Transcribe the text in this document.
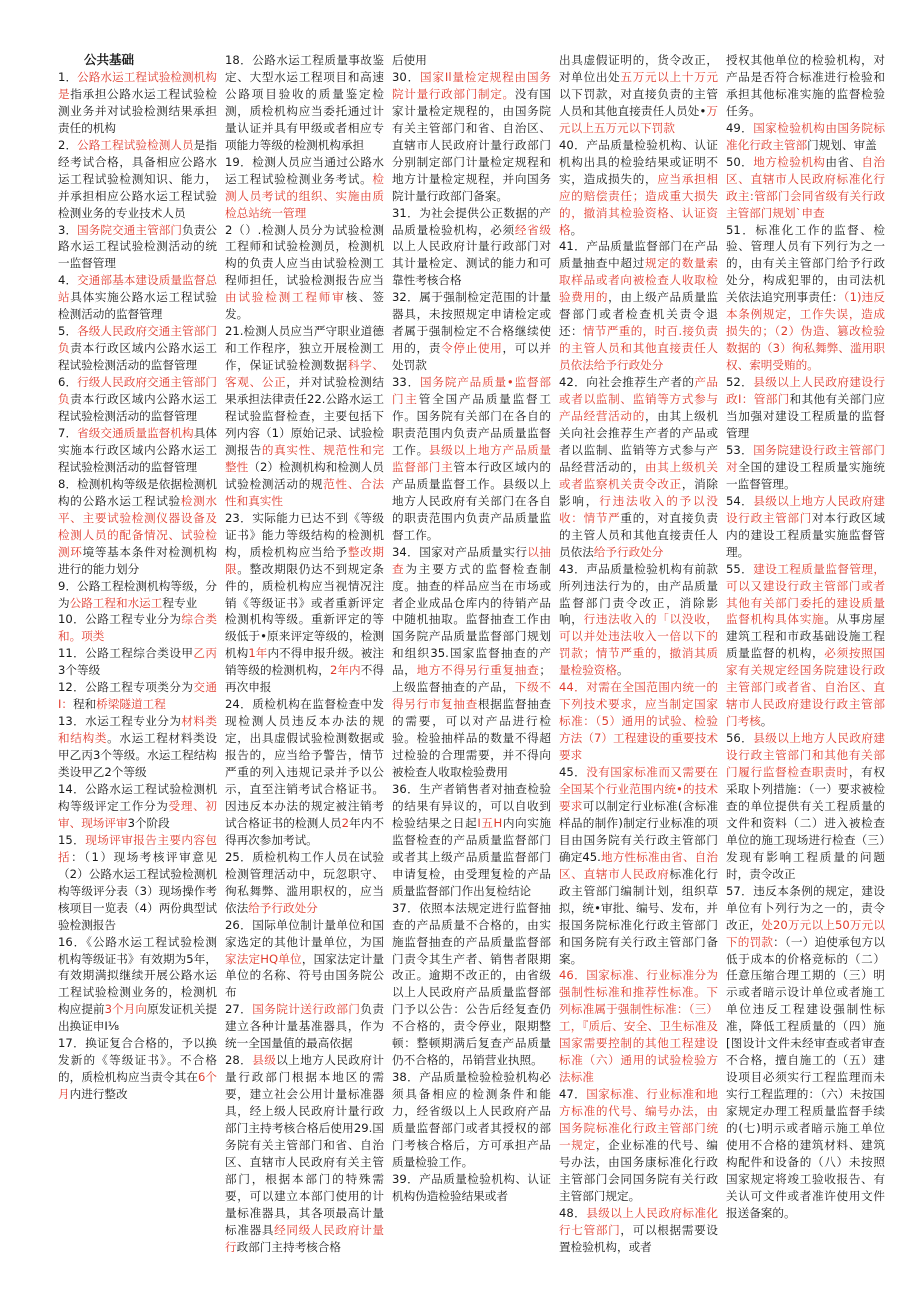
公共基础
1．公路水运工程试验检测机构是指承担公路水运工程试验检测业务并对试验检测结果承担责任的机构
2．公路工程试验检测人员是指经考试合格，具备相应公路水运工程试验检测知识、能力，并承担相应公路水运工程试验检测业务的专业技术人员
3．国务院交通主管部门负责公路水运工程试验检测活动的统一监督管理
4．交通部基本建设质量监督总站具体实施公路水运工程试验检测活动的监督管理
5．各级人民政府交通主管部门负责本行政区域内公路水运工程试验检测活动的监督管理
6．行级人民政府交通主管部门负责本行政区域内公路水运工程试验检测活动的监督管理
7．省级交通质量监督机构具体实施本行政区域内公路水运工程试验检测活动的监督管理
8．检测机构等级是依据检测机构的公路水运工程试验检测水平、主要试验检测仪器设备及检测人员的配备情况、试验检测环境等基本条件对检测机构进行的能力划分
9．公路工程检测机构等级，分为公路工程和水运工程专业
10．公路工程专业分为综合类和。项类
11．公路工程综合类设甲乙丙3个等级
12．公路工程专项类分为交通I：程和桥梁隧道工程
13．水运工程专业分为材料类和结构类。水运工程材料类设甲乙丙3个等级。水运工程结构类设甲乙2个等级
14．公路水运工程试验检测机构等级评定工作分为受理、初审、现场评审3个阶段
15．现场评审报告主要内容包括：（1）现场考核评审意见（2）公路水运工程试验检测机构等级评分表（3）现场操作考核项目一览表（4）两份典型试验检测报告
16．《公路水运工程试验检测机构等级证书》有效期为5年，有效期满拟继续开展公路水运工程试验检测业务的，检测机构应提前3个月向原发证机关提出换证申I⅛
17．换证复合合格的，予以换发新的《等级证书》。不合格的，质检机构应当责令其在6个月内进行整改
18．公路水运工程质量事故鉴定、大型水运工程项目和高速公路项目验收的质量鉴定检测，质检机构应当委托通过计量认证并具有甲级或者相应专项能力等级的检测机构承担
19．检测人员应当通过公路水运工程试验检测业务考试。检测人员考试的组织、实施由质检总站统一管理
2（）.检测人员分为试验检测工程师和试验检测员，检测机构的负责人应当由试验检测工程师担任，试验检测报告应当由试验检测工程师审核、签发。
21.检测人员应当严守职业道德和工作程序，独立开展检测工作，保证试验检测数据科学、客观、公正，并对试验检测结果承担法律责任22.公路水运工程试验监督检查，主要包括下列内容（1）原始记录、试验检测报告的真实性、规范性和完整性（2）检测机构和检测人员试验检测活动的规范性、合法性和真实性
23．实际能力已达不到《等级证书》能力等级结构的检测机构，质检机构应当给予整改期限。整改期限仍达不到规定条件的，质检机构应当视情况注销《等级证书》或者重新评定检测机构等级。重新评定的等级低于•原来评定等级的，检测机构1年内不得申报升级。被注销等级的检测机构，2年内不得再次申报
24．质检机构在监督检查中发现检测人员违反本办法的规定，出具虚假试验检测数据或报告的，应当给予警告，情节严重的列入违规记录并予以公示，直至注销考试合格证书。因违反本办法的规定被注销考试合格证书的检测人员2年内不得再次参加考试。
25．质检机构工作人员在试验检测管理活动中，玩忽职守、徇私舞弊、滥用职权的，应当依法给予行政处分
26．国际单位制计量单位和国家选定的其他计量单位，为国家法定HQ单位，国家法定计量单位的名称、符号由国务院公布
27．国务院计送行政部门负责建立各种计量基准器具，作为统一全国量值的最高依据
28．县级以上地方人民政府计量行政部门根据本地区的需要，建立社会公用计量标准器具，经上级人民政府计量行政部门主持考核合格后使用29.国务院有关主管部门和省、自治区、直辖市人民政府有关主管部门，根据本部门的特殊需要，可以建立本部门使用的计量标准器具，其各项最高计量标准器具经同级人民政府计量行政部门主持考核合格
后使用
30．国家Il量检定规程由国务院计量行政部门制定。没有国家计量检定规程的，由国务院有关主管部门和省、自治区、直辖市人民政府计量行政部门分别制定部门计量检定规程和地方计量检定规程，并向国务院计量行政部门备案。
31．为社会提供公正数据的产品质量检验机构，必须经省级以上人民政府计量行政部门对其计量检定、测试的能力和可靠性考核合格
32．属于强制检定范围的计量器具，未按照规定申请检定或者属于强制检定不合格继续使用的，责令停止使用，可以并处罚款
33．国务院产品质量•监督部门主管全国产品质量监督工作。国务院有关部门在各自的职责范围内负责产品质量监督工作。县级以上地方产品质量监督部门主管本行政区域内的产品质量监督工作。县级以上地方人民政府有关部门在各自的职责范围内负责产品质量监督工作。
34．国家对产品质量实行以抽查为主要方式的监督检查制度。抽查的样品应当在市场或者企业成品仓库内的待销产品中随机抽取。监督抽查工作由国务院产品质量监督部门规划和组织35.国家监督抽查的产品，地方不得另行重复抽查；上级监督抽查的产品，下级不得另行市复抽查根据监督抽查的需要，可以对产品进行检验。检验抽样品的数量不得超过检验的合理需要，并不得向被检查人收取检验费用
36．生产者销售者对抽查检验的结果有异议的，可以自收到检验结果之日起I五H内向实施监督检查的产品质量监督部门或者其上级产品质量监督部门申请复检，由受理复检的产品质量监督部门作出复检结论
37．依照本法规定进行监督抽查的产品质量不合格的，由实施监督抽查的产品质量监督部门责令其生产者、销售者限期改正。逾期不改正的，由省级以上人民政府产品质量监督部门予以公告：公告后经复查仍不合格的，责令停业，限期整顿：整顿期满后复查产品质量仍不合格的，吊销营业执照。
38．产品质量检验检验机构必须具备相应的检测条件和能力，经省级以上人民政府产品质量监督部门或者其授权的部门考核合格后，方可承担产品质量检验工作。
39．产品质量检验机构、认证机构伪造检验结果或者
出具虚假证明的，货令改正，对单位出处五万元以上十万元以下罚款，对直接负责的主管人员和其他直接责任人员处•万元以上五万元以下罚款
40．产品质量检验机构、认证机构出具的检验结果或证明不实，造成损失的，应当承担相应的赔偿责任；造成重大损失的，撤消其检验资格、认证资格。
41．产品质量监督部门在产品质量抽查中超过规定的数量索取样品或者向被检查人收取检验费用的，由上级产品质量监督部门或者检查机关责令退还：情节严重的，时百.接负责的主管人员和其他直接责任人员依法给予行政处分
42．向社会推荐生产者的产品或者以监制、监销等方式参与产品经营活动的，由其上级机关向社会推荐生产者的产品或者以监制、监销等方式参与产品经营活动的，由其上级机关或者监察机关责令改正，消除影响，行违法收入的予以没收：情节严重的，对直接负责的主管人员和其他直接责任人员依法给予行政处分
43．声品质量检验机构有前款所列违法行为的，由产品质量监督部门责令改正，消除影响，行违法收入的「以没收，可以并处违法收入一倍以下的罚款；情节严重的，撤消其质量检验资格。
44．对需在全国范围内统一的下列技术要求，应当制定国家标准：（5）通用的试验、检验方法（7）工程建设的重要技术要求
45．没有国家标准而又需要在全国某个行业范围内统•的技术要求可以制定行业标准(含标准样品的制作)制定行业标准的项目由国务院有关行政主管部门确定45.地方性标准由省、自治区、直辖市人民政府标准化行政主管部门编制计划，组织草拟，统•审批、编号、发布，并报国务院标准化行政主管部门和国务院有关行政主管部门备案。
46．国家标准、行业标准分为强制性标准和推荐性标准。下列标准属于强制性标准：（三）工，『质后、安全、卫生标准及国家需要控制的其他工程建设标准（六）通用的试验检验方法标准
47．国家标准、行业标准和地方标准的代号、编号办法，由国务院标准化行政主管部门统一规定，企业标准的代号、编号办法，由国务康标准化行政主管部门会同国务院有关行政主管部门规定。
48．县级以上人民政府标准化行七管部门，可以根据需要设置检验机构，或者
授权其他单位的检验机构，对产品是否符合标准进行检验和承担其他标准实施的监督检验任务。
49．国家检验机构由国务院标准化行政主管部门规划、审盖
50．地方检验机构由省、自治区、直辖市人民政府标准化行政主:管部门会同省级有关行政主管部门规划`申查
51．标准化工作的监督、检验、管理人员有下列行为之一的，由有关主管部门给予行政处分，构成犯罪的，由司法机关依法追究刑事责任：（1)违反本条例规定，工作失误，造成损失的；（2）伪造、篡改检验数据的（3）徇私舞弊、滥用职权、索明受贿的。
52．县级以上人民政府建设行政I：管部门和其他有关部门应当加强对建设工程质量的监督管理
53．国务院建设行政主管部门对全国的建设工程质量实施统一监督管理。
54．县级以上地方人民政府建设行政主管部门对本行政区域内的建设工程质量实施监督管理。
55．建设工程质量监督管理，可以又建设行政主管部门或者其他有关部门委托的建设质量监督机构具体实施。从事房屋建筑工程和市政基础设施工程质量监督的机构，必须按照国家有关规定经国务院建设行政主管部门或者省、自治区、直辖市人民政府建设行政主管部门考核。
56．县级以上地方人民政府建设行政主管部门和其他有关部门履行监督检查职责时，有权采取卜列措施：（一）要求被检查的单位提供有关工程质量的文件和资料（二）进入被检查单位的施工现场进行检查（三）发现有影响工程质量的问题时，责令改正
57．违反本条例的规定，建设单位有卜列行为之一的，责令改正，处20万元以上50万元以下的罚款：（一）迫使承包方以低于成本的价格竞标的（二）任意压缩合理工期的（三）明示或者暗示设计单位或者施工单位违反工程建设强制性标准，降低工程质量的（四）施[图设计文件未经审查或者审查不合格，擅自施工的（五）建设项目必须实行工程监理而未实行工程监理的：（六）未按国家规定办理工程质量监督手续的(七)明示或者暗示施工单位使用不合格的建筑材料、建筑构配件和设备的（八）未按照国家规定将竣工验收报告、有关认可文件或者准许使用文件报送备案的。
